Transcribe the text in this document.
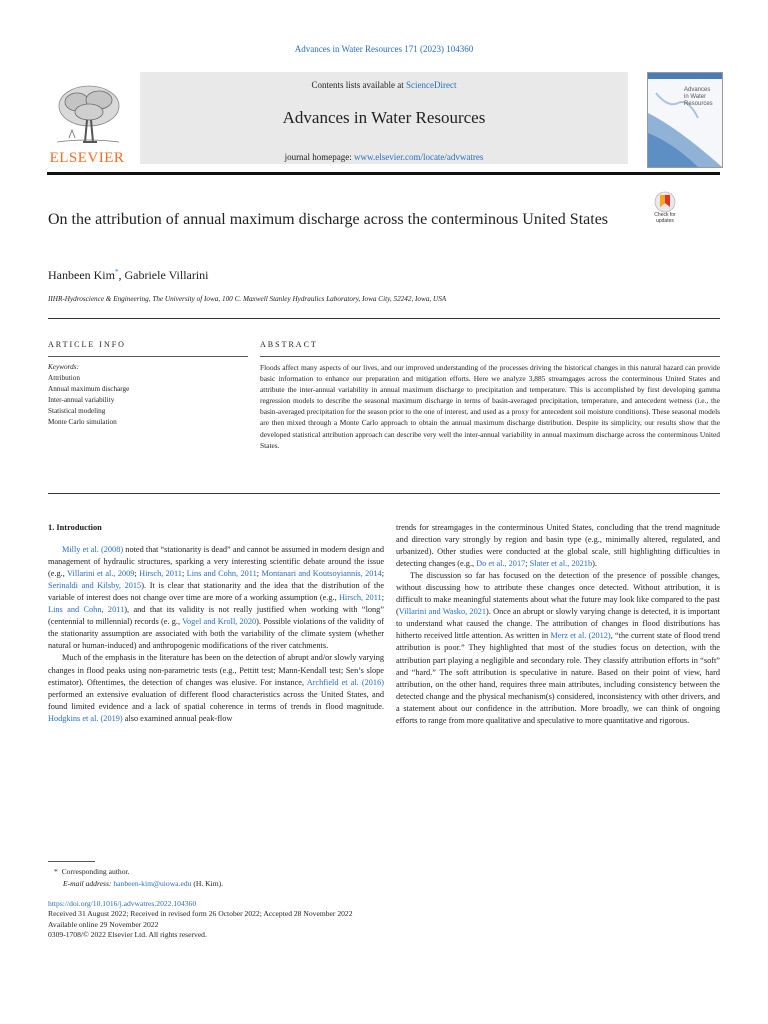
Advances in Water Resources 171 (2023) 104360
ELSEVIER
Contents lists available at ScienceDirect
Advances in Water Resources
journal homepage: www.elsevier.com/locate/advwatres
Advances
in Water
Resources
Check for updates
On the attribution of annual maximum discharge across the conterminous United States
Hanbeen Kim*, Gabriele Villarini
IIHR-Hydroscience & Engineering, The University of Iowa, 100 C. Maxwell Stanley Hydraulics Laboratory, Iowa City, 52242, Iowa, USA
ARTICLE INFO	ABSTRACT
Keywords:
Attribution
Annual maximum discharge
Inter-annual variability
Statistical modeling
Monte Carlo simulation
Floods affect many aspects of our lives, and our improved understanding of the processes driving the historical changes in this natural hazard can provide basic information to enhance our preparation and mitigation efforts. Here we analyze 3,885 streamgages across the conterminous United States and attribute the inter-annual variability in annual maximum discharge to precipitation and temperature. This is accomplished by first developing gamma regression models to describe the seasonal maximum discharge in terms of basin-averaged precipitation, temperature, and antecedent wetness (i.e., the basin-averaged precipitation for the season prior to the one of interest, and used as a proxy for antecedent soil moisture conditions). These seasonal models are then mixed through a Monte Carlo approach to obtain the annual maximum discharge distribution. Despite its simplicity, our results show that the developed statistical attribution approach can describe very well the inter-annual variability in annual maximum discharge across the conterminous United States.
1. Introduction

Milly et al. (2008) noted that “stationarity is dead” and cannot be assumed in modern design and management of hydraulic structures, sparking a very interesting scientific debate around the issue (e.g., Villarini et al., 2009; Hirsch, 2011; Lins and Cohn, 2011; Montanari and Koutsoyiannis, 2014; Serinaldi and Kilsby, 2015). It is clear that stationarity and the idea that the distribution of the variable of interest does not change over time are more of a working assumption (e.g., Hirsch, 2011; Lins and Cohn, 2011), and that its validity is not really justified when working with “long” (centennial to millennial) records (e. g., Vogel and Kroll, 2020). Possible violations of the validity of the stationarity assumption are associated with both the variability of the climate system (whether natural or human-induced) and anthropogenic modifications of the river catchments.

Much of the emphasis in the literature has been on the detection of abrupt and/or slowly varying changes in flood peaks using non-parametric tests (e.g., Pettitt test; Mann-Kendall test; Sen’s slope estimator). Oftentimes, the detection of changes was elusive. For instance, Archfield et al. (2016) performed an extensive evaluation of different flood characteristics across the United States, and found limited evidence and a lack of spatial coherence in terms of trends in flood magnitude. Hodgkins et al. (2019) also examined annual peak-flow

trends for streamgages in the conterminous United States, concluding that the trend magnitude and direction vary strongly by region and basin type (e.g., minimally altered, regulated, and urbanized). Other studies were conducted at the global scale, still highlighting difficulties in detecting changes (e.g., Do et al., 2017; Slater et al., 2021b).

The discussion so far has focused on the detection of the presence of possible changes, without discussing how to attribute these changes once detected. Without attribution, it is difficult to make meaningful statements about what the future may look like compared to the past (Villarini and Wasko, 2021). Once an abrupt or slowly varying change is detected, it is important to understand what caused the change. The attribution of changes in flood distributions has hitherto received little attention. As written in Merz et al. (2012), “the current state of flood trend attribution is poor.” They highlighted that most of the studies focus on detection, with the attribution part playing a negligible and secondary role. They classify attribution efforts in “soft” and “hard.” The soft attribution is speculative in nature. Based on their point of view, hard attribution, on the other hand, requires three main attributes, including consistency between the detected change and the physical mechanism(s) considered, inconsistency with other drivers, and a statement about our confidence in the attribution. More broadly, we can think of ongoing efforts to range from more qualitative and speculative to more quantitative and rigorous.

* Corresponding author.
E-mail address: hanbeen-kim@uiowa.edu (H. Kim).
https://doi.org/10.1016/j.advwatres.2022.104360
Received 31 August 2022; Received in revised form 26 October 2022; Accepted 28 November 2022
Available online 29 November 2022
0309-1708/© 2022 Elsevier Ltd. All rights reserved.
